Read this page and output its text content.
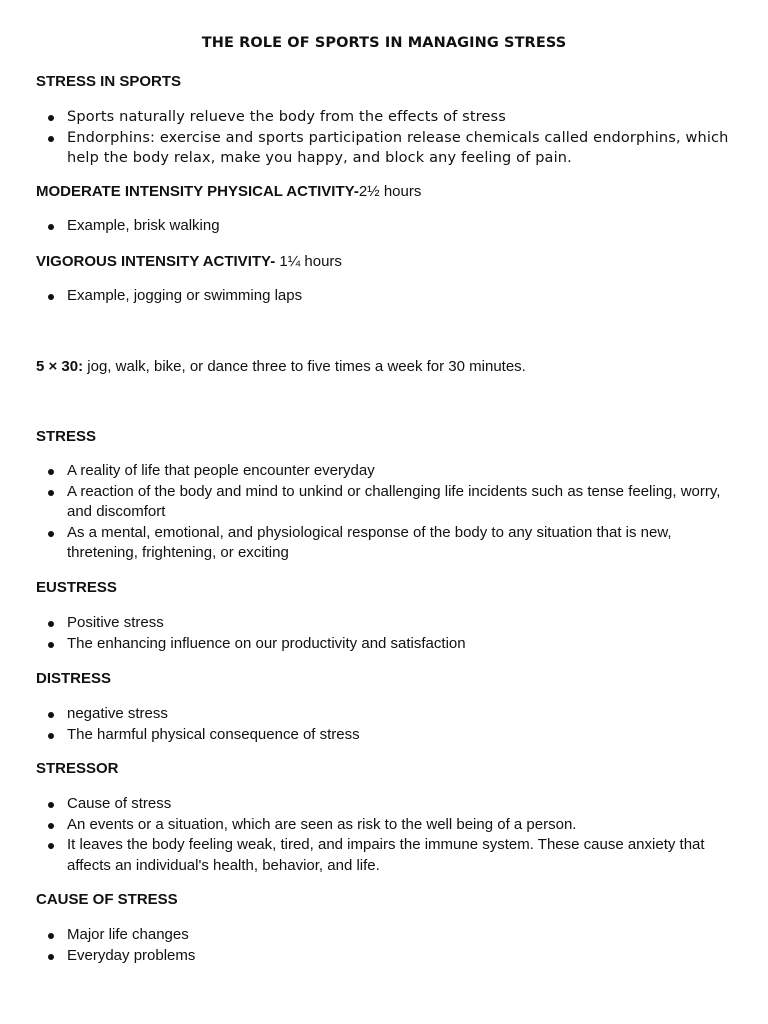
THE ROLE OF SPORTS IN MANAGING STRESS
STRESS IN SPORTS
Sports naturally relueve the body from the effects of stress
Endorphins: exercise and sports participation release chemicals called endorphins, which help the body relax, make you happy, and block any feeling of pain.
MODERATE INTENSITY PHYSICAL ACTIVITY-2½ hours
Example, brisk walking
VIGOROUS INTENSITY ACTIVITY- 1¼ hours
Example, jogging or swimming laps
5 × 30: jog, walk, bike, or dance three to five times a week for 30 minutes.
STRESS
A reality of life that people encounter everyday
A reaction of the body and mind to unkind or challenging life incidents such as tense feeling, worry, and discomfort
As a mental, emotional, and physiological response of the body to any situation that is new, thretening, frightening, or exciting
EUSTRESS
Positive stress
The enhancing influence on our productivity and satisfaction
DISTRESS
negative stress
The harmful physical consequence of stress
STRESSOR
Cause of stress
An events or a situation, which are seen as risk to the well being of a person.
It leaves the body feeling weak, tired, and impairs the immune system. These cause anxiety that affects an individual's health, behavior, and life.
CAUSE OF STRESS
Major life changes
Everyday problems
